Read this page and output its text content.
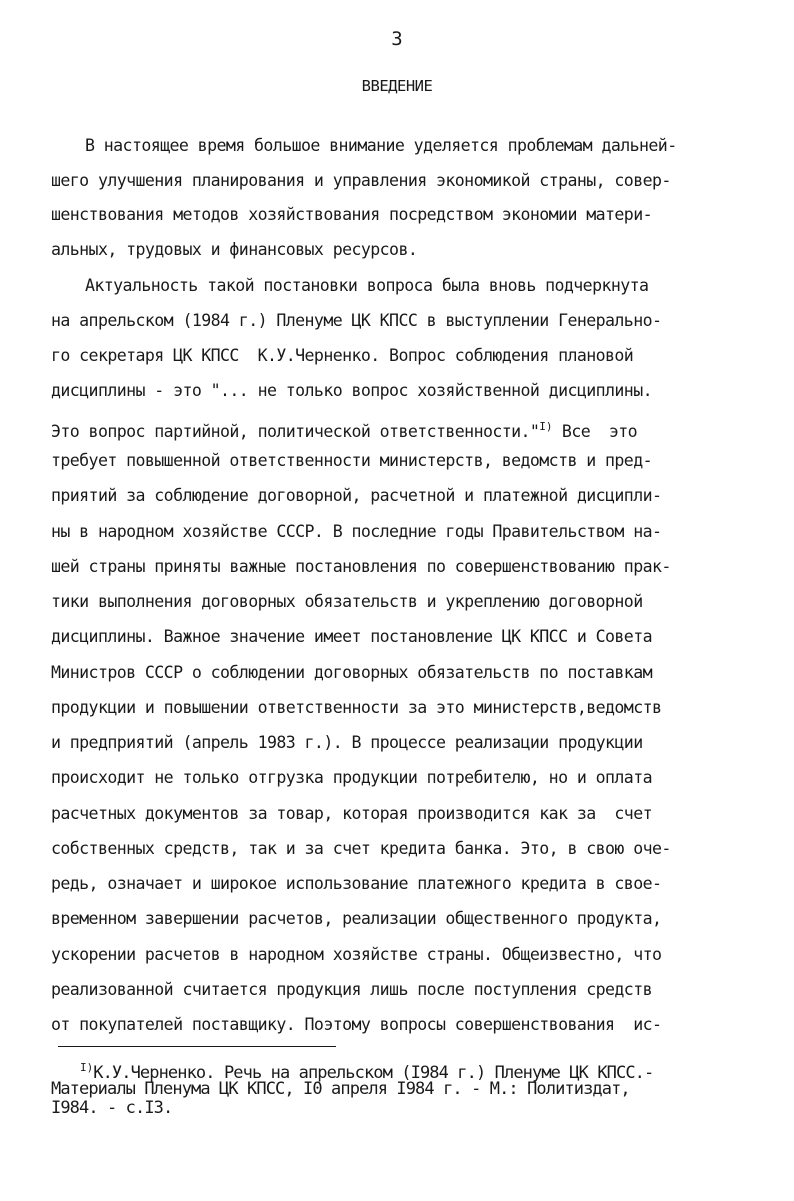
3
ВВЕДЕНИЕ
В настоящее время большое внимание уделяется проблемам дальней-
шего улучшения планирования и управления экономикой страны, совер-
шенствования методов хозяйствования посредством экономии матери-
альных, трудовых и финансовых ресурсов.
Актуальность такой постановки вопроса была вновь подчеркнута
на апрельском (1984 г.) Пленуме ЦК КПСС в выступлении Генерально-
го секретаря ЦК КПСС  К.У.Черненко. Вопрос соблюдения плановой
дисциплины - это "... не только вопрос хозяйственной дисциплины.
Это вопрос партийной, политической ответственности."$^{I)}$ Все  это
требует повышенной ответственности министерств, ведомств и пред-
приятий за соблюдение договорной, расчетной и платежной дисципли-
ны в народном хозяйстве СССР. В последние годы Правительством на-
шей страны приняты важные постановления по совершенствованию прак-
тики выполнения договорных обязательств и укреплению договорной
дисциплины. Важное значение имеет постановление ЦК КПСС и Совета
Министров СССР о соблюдении договорных обязательств по поставкам
продукции и повышении ответственности за это министерств,ведомств
и предприятий (апрель 1983 г.). В процессе реализации продукции
происходит не только отгрузка продукции потребителю, но и оплата
расчетных документов за товар, которая производится как за  счет
собственных средств, так и за счет кредита банка. Это, в свою оче-
редь, означает и широкое использование платежного кредита в свое-
временном завершении расчетов, реализации общественного продукта,
ускорении расчетов в народном хозяйстве страны. Общеизвестно, что
реализованной считается продукция лишь после поступления средств
от покупателей поставщику. Поэтому вопросы совершенствования  ис-
$^{I)}$К.У.Черненко. Речь на апрельском (I984 г.) Пленуме ЦК КПСС.-
Материалы Пленума ЦК КПСС, I0 апреля I984 г. - М.: Политиздат,
I984. - с.I3.
